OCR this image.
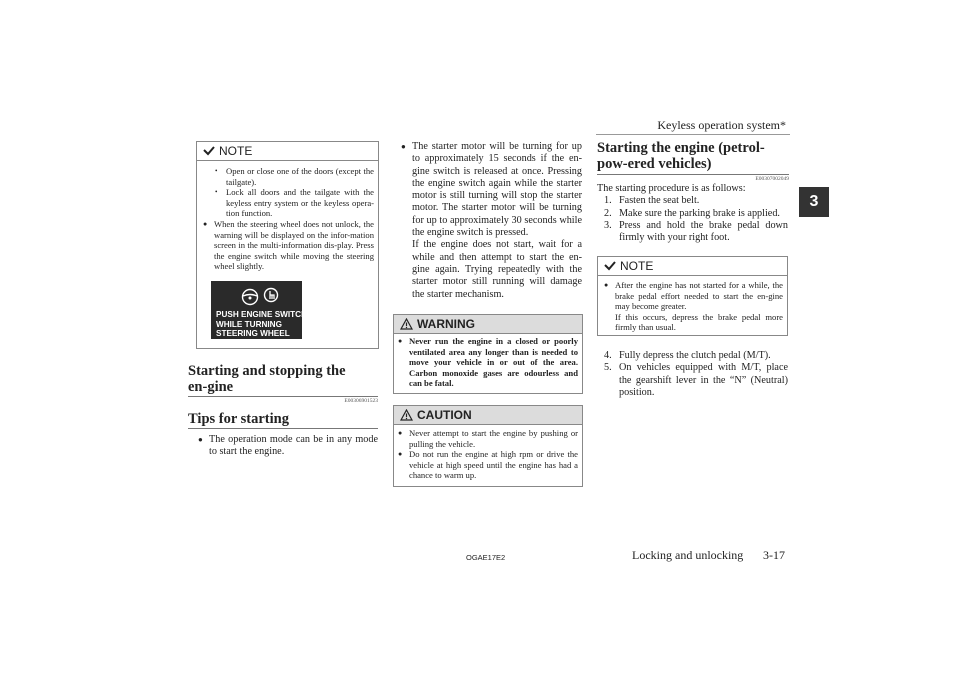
Keyless operation system*
3
NOTE
• Open or close one of the doors (except the tailgate).
• Lock all doors and the tailgate with the keyless entry system or the keyless opera-tion function.
● When the steering wheel does not unlock, the warning will be displayed on the infor-mation screen in the multi-information dis-play. Press the engine switch while moving the steering wheel slightly.
PUSH ENGINE SWITCH
WHILE TURNING
STEERING WHEEL
Starting and stopping the en-gine
E00306901523
Tips for starting
● The operation mode can be in any mode to start the engine.
● The starter motor will be turning for up to approximately 15 seconds if the en-gine switch is released at once. Pressing the engine switch again while the starter motor is still turning will stop the starter motor. The starter motor will be turning for up to approximately 30 seconds while the engine switch is pressed.
If the engine does not start, wait for a while and then attempt to start the en-gine again. Trying repeatedly with the starter motor still running will damage the starter mechanism.
WARNING
● Never run the engine in a closed or poorly ventilated area any longer than is needed to move your vehicle in or out of the area. Carbon monoxide gases are odourless and can be fatal.
CAUTION
● Never attempt to start the engine by pushing or pulling the vehicle.
● Do not run the engine at high rpm or drive the vehicle at high speed until the engine has had a chance to warm up.
Starting the engine (petrol-pow-ered vehicles)
E00307002049
The starting procedure is as follows:
1. Fasten the seat belt.
2. Make sure the parking brake is applied.
3. Press and hold the brake pedal down firmly with your right foot.
NOTE
● After the engine has not started for a while, the brake pedal effort needed to start the en-gine may become greater.
If this occurs, depress the brake pedal more firmly than usual.
4. Fully depress the clutch pedal (M/T).
5. On vehicles equipped with M/T, place the gearshift lever in the “N” (Neutral) position.
OGAE17E2	Locking and unlocking 3-17
